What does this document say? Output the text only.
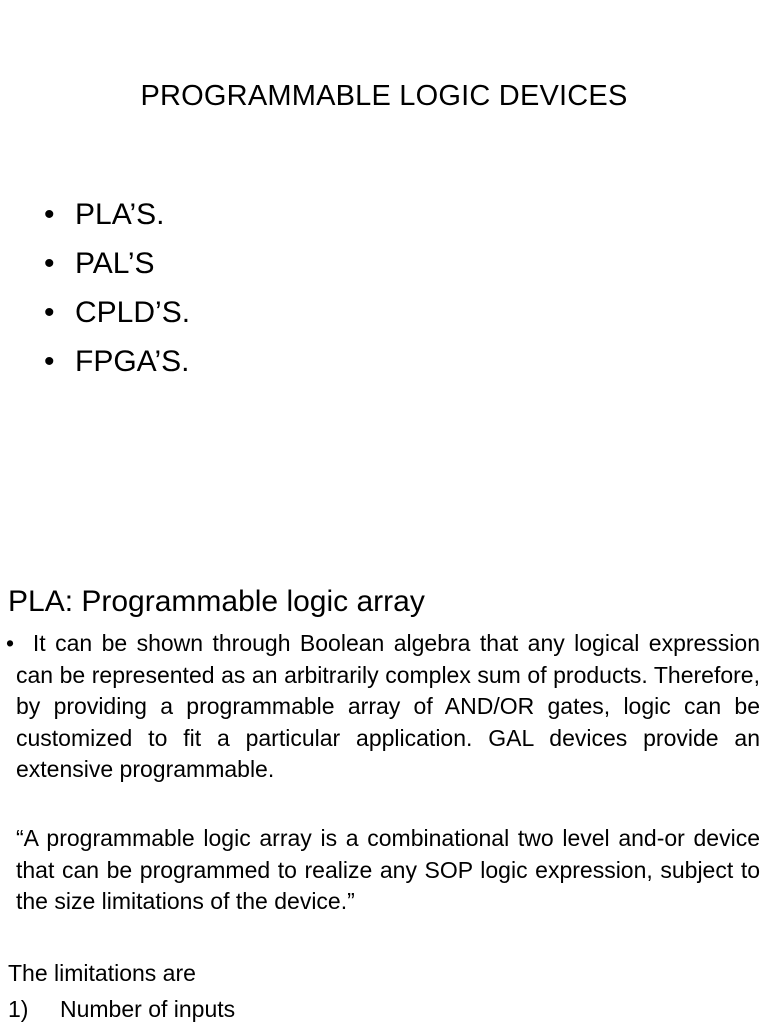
PROGRAMMABLE LOGIC DEVICES
• PLA’S.
• PAL’S
• CPLD’S.
• FPGA’S.
PLA: Programmable logic array
• It can be shown through Boolean algebra that any logical expression can be represented as an arbitrarily complex sum of products. Therefore, by providing a programmable array of AND/OR gates, logic can be customized to fit a particular application. GAL devices provide an extensive programmable.
“A programmable logic array is a combinational two level and-or device that can be programmed to realize any SOP logic expression, subject to the size limitations of the device.”
The limitations are
1) Number of inputs
